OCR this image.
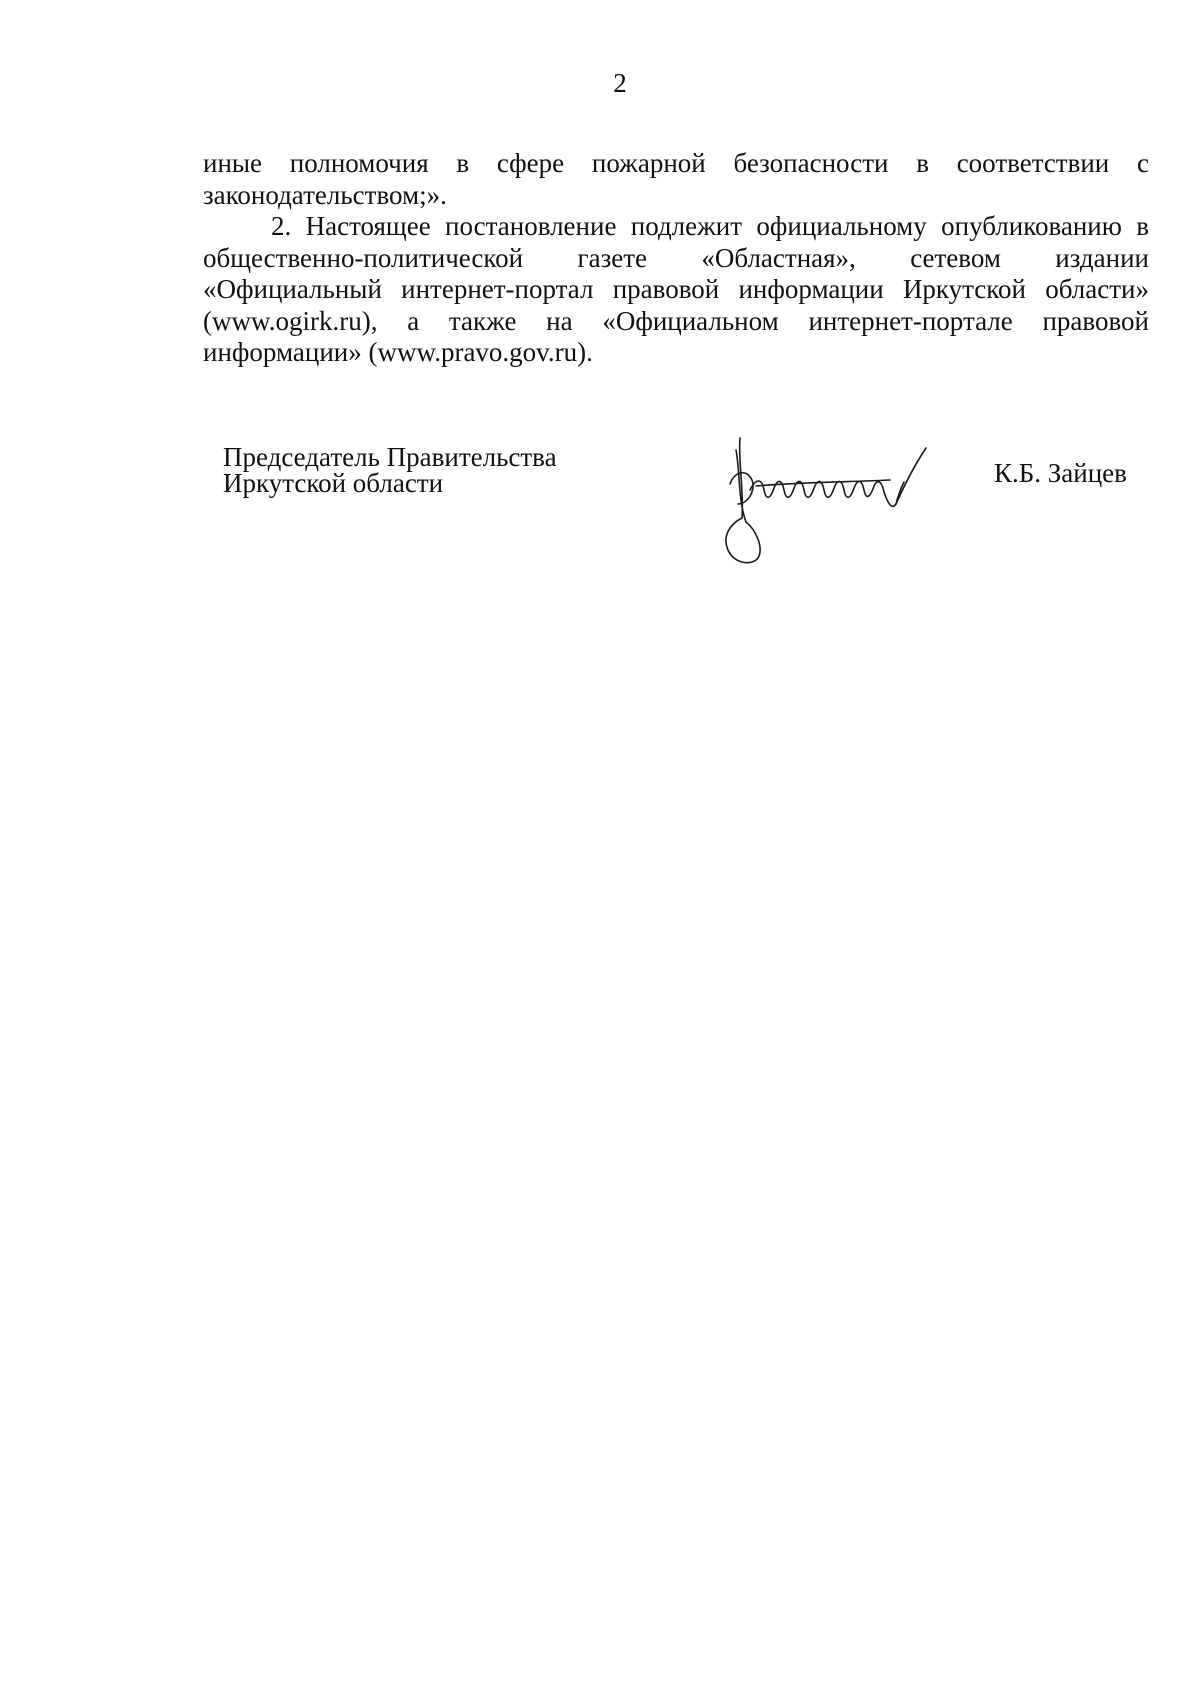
2

иные полномочия в сфере пожарной безопасности в соответствии с
законодательством;».

2. Настоящее постановление подлежит официальному опубликованию в
общественно-политической газете «Областная», сетевом издании
«Официальный интернет-портал правовой информации Иркутской области»
(www.ogirk.ru), а также на «Официальном интернет-портале правовой
информации» (www.pravo.gov.ru).

Председатель Правительства
Иркутской области	К.Б. Зайцев
